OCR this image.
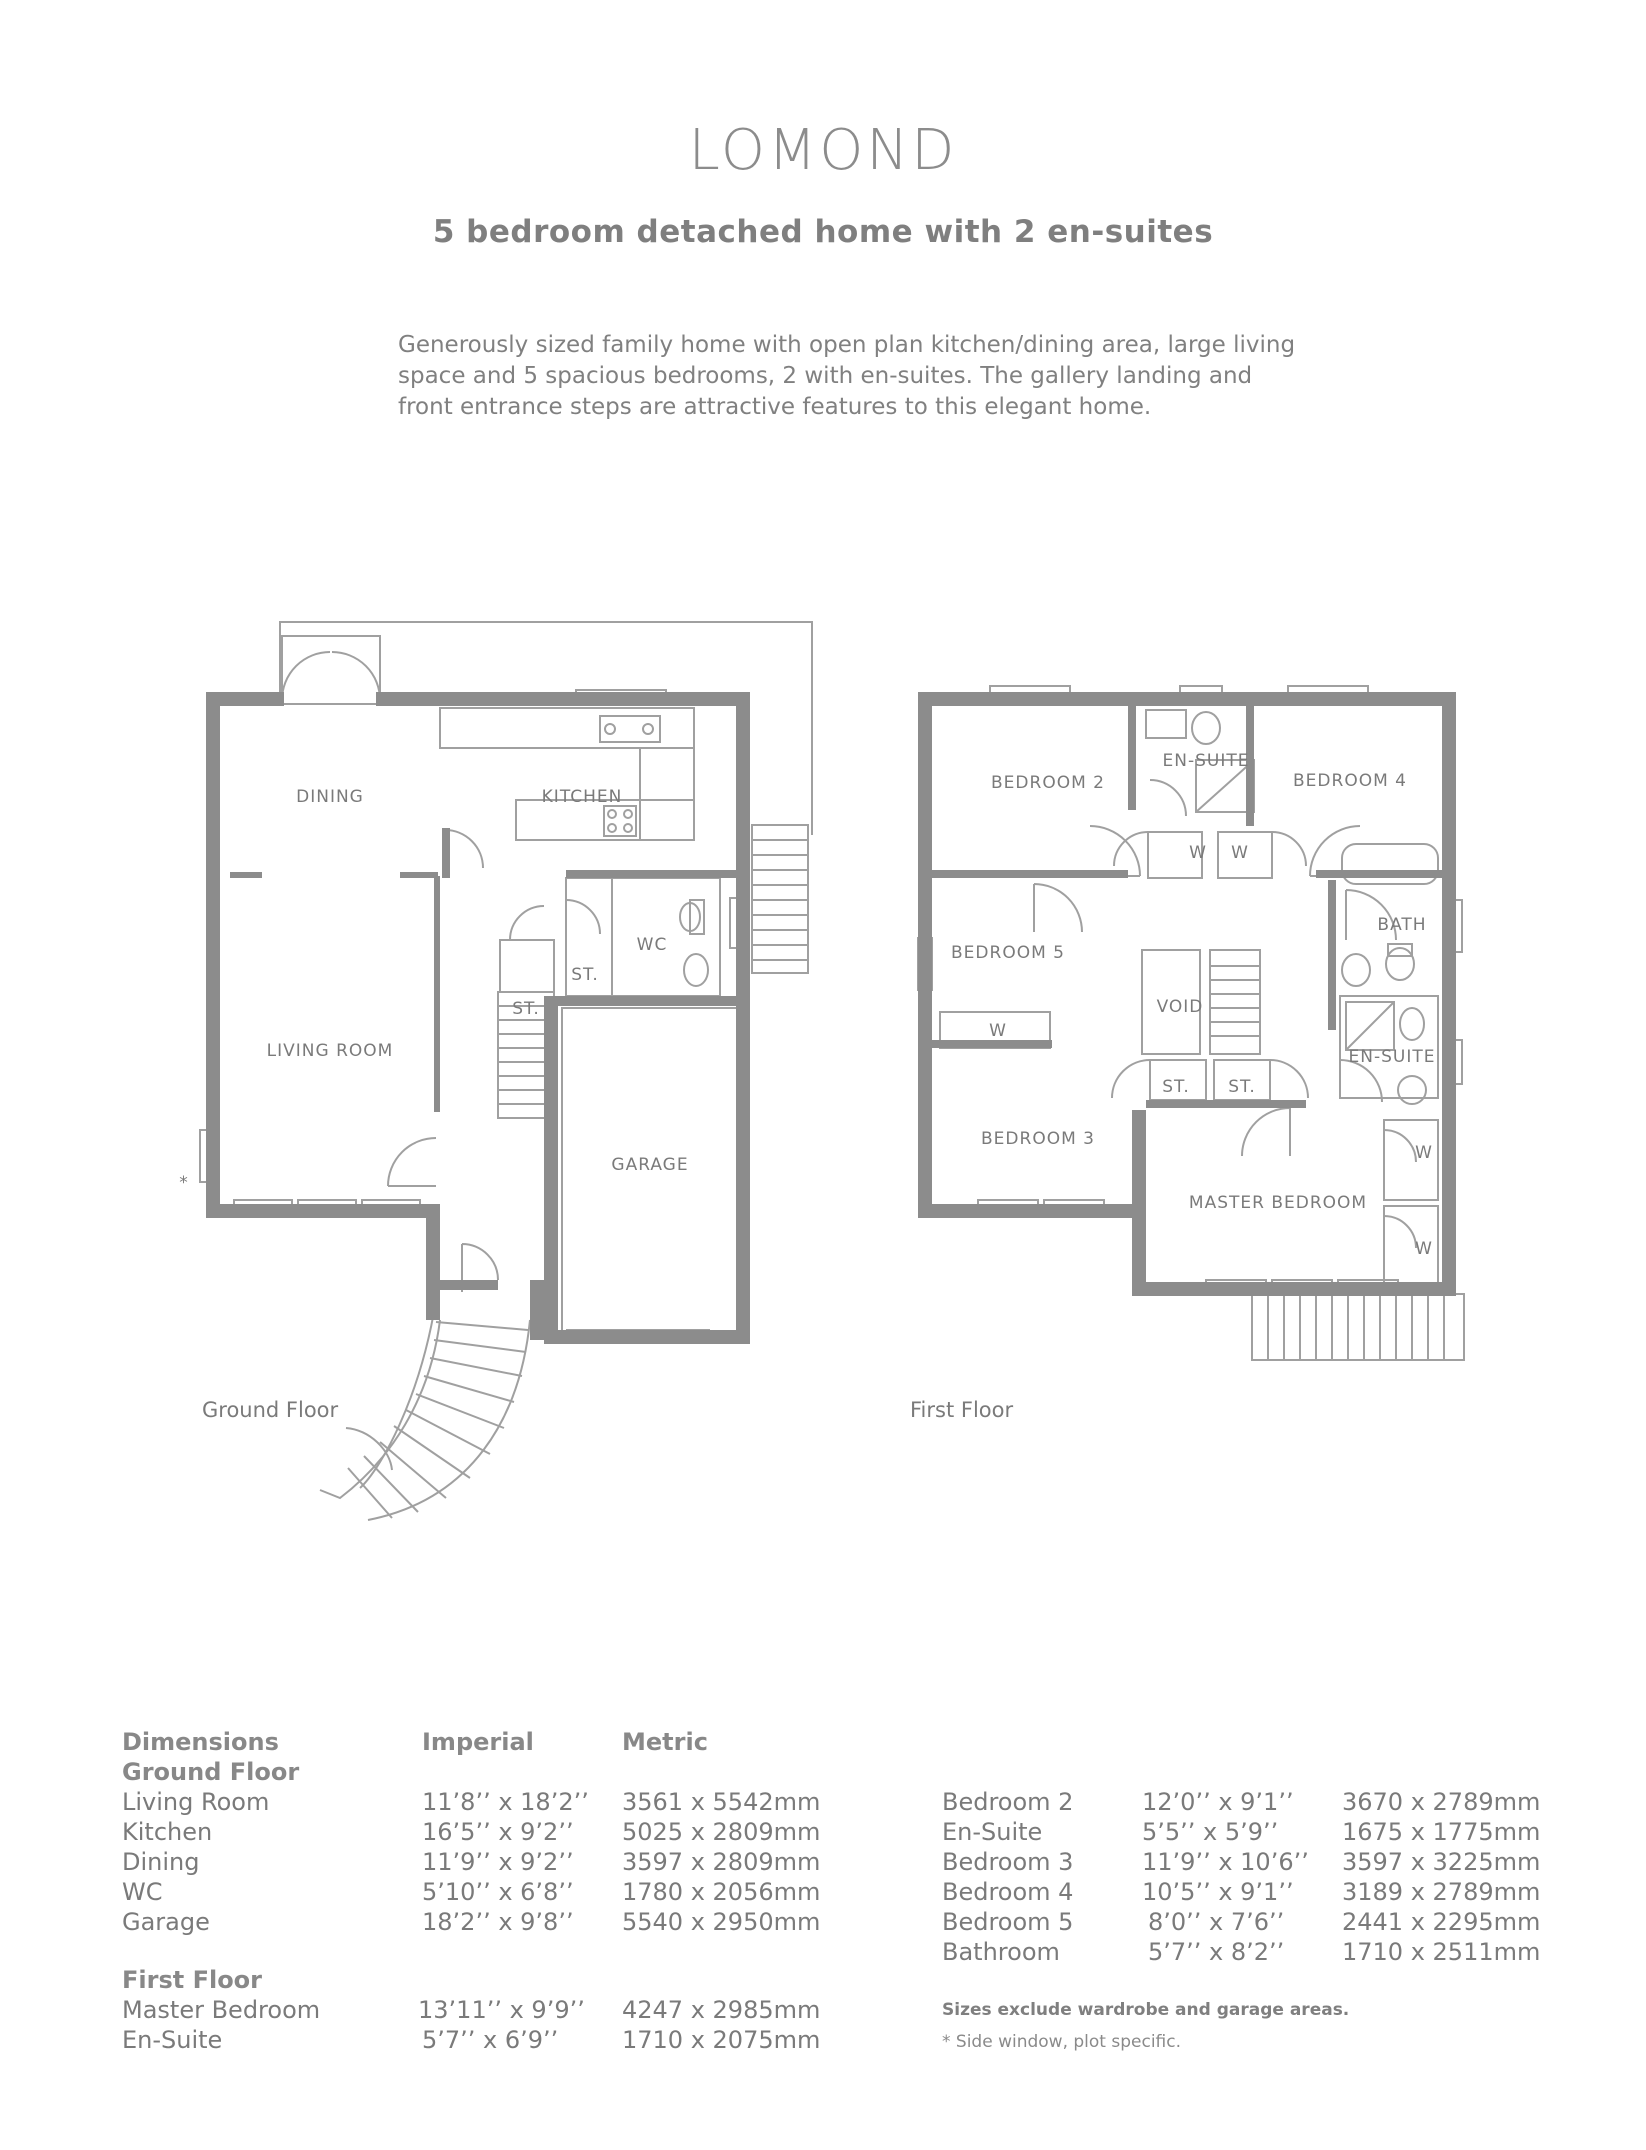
LOMOND
5 bedroom detached home with 2 en-suites
Generously sized family home with open plan kitchen/dining area, large living
space and 5 spacious bedrooms, 2 with en-suites. The gallery landing and
front entrance steps are attractive features to this elegant home.
DINING	KITCHEN
LIVING ROOM
WC
ST.
ST.
GARAGE
*
BEDROOM 2
EN-SUITE
BEDROOM 4
W W
BEDROOM 5
BATH
VOID
W
EN-SUITE
ST. ST.
BEDROOM 3
W
MASTER BEDROOM
W
Ground Floor	First Floor
Dimensions	Imperial	Metric
Ground Floor
Living Room	11’8’’ x 18’2’’ 3561 x 5542mm
Kitchen	16’5’’ x 9’2’’ 5025 x 2809mm
Dining	11’9’’ x 9’2’’ 3597 x 2809mm
WC	5’10’’ x 6’8’’ 1780 x 2056mm
Garage	18’2’’ x 9’8’’ 5540 x 2950mm
First Floor
Master Bedroom	13’11’’ x 9’9’’ 4247 x 2985mm
En-Suite	5’7’’ x 6’9’’	1710 x 2075mm
Bedroom 2	12’0’’ x 9’1’’ 3670 x 2789mm
En-Suite	5’5’’ x 5’9’’	1675 x 1775mm
Bedroom 3	11’9’’ x 10’6’’ 3597 x 3225mm
Bedroom 4	10’5’’ x 9’1’’ 3189 x 2789mm
Bedroom 5	8’0’’ x 7’6’’ 2441 x 2295mm
Bathroom	5’7’’ x 8’2’’ 1710 x 2511mm
Sizes exclude wardrobe and garage areas.
* Side window, plot specific.
